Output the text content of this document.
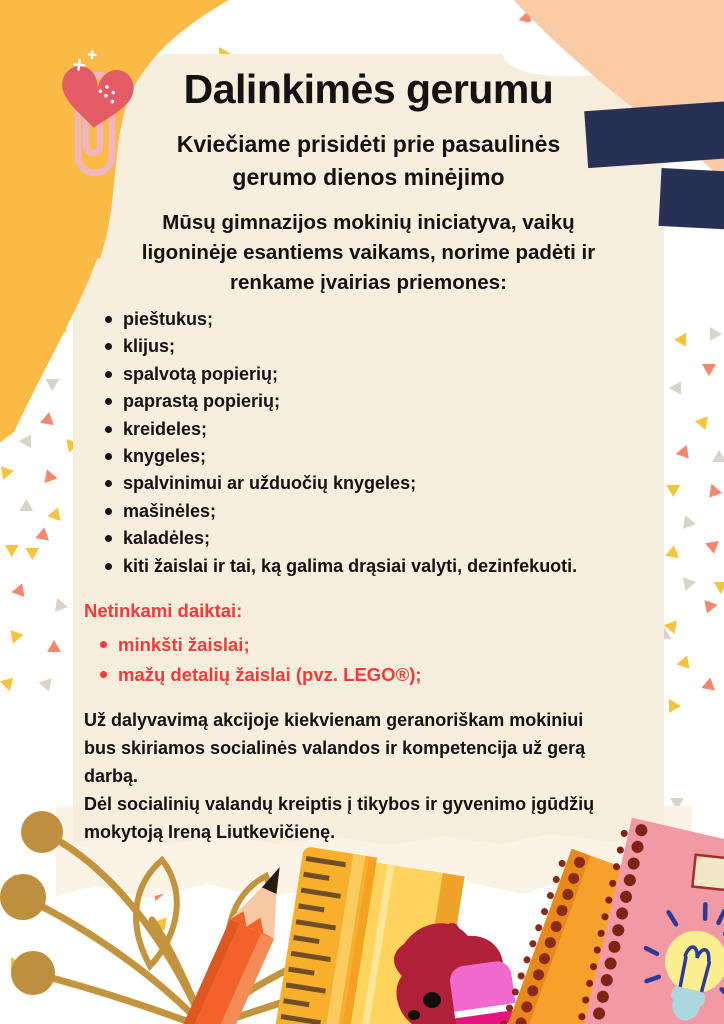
Dalinkimės gerumu
Kviečiame prisidėti prie pasaulinės
gerumo dienos minėjimo
Mūsų gimnazijos mokinių iniciatyva, vaikų
ligoninėje esantiems vaikams, norime padėti ir
renkame įvairias priemones:
pieštukus;
klijus;
spalvotą popierių;
paprastą popierių;
kreideles;
knygeles;
spalvinimui ar užduočių knygeles;
mašinėles;
kaladėles;
kiti žaislai ir tai, ką galima drąsiai valyti, dezinfekuoti.
Netinkami daiktai:
minkšti žaislai;
mažų detalių žaislai (pvz. LEGO®);
Už dalyvavimą akcijoje kiekvienam geranoriškam mokiniui
bus skiriamos socialinės valandos ir kompetencija už gerą
darbą.
Dėl socialinių valandų kreiptis į tikybos ir gyvenimo įgūdžių
mokytoją Ireną Liutkevičienę.
